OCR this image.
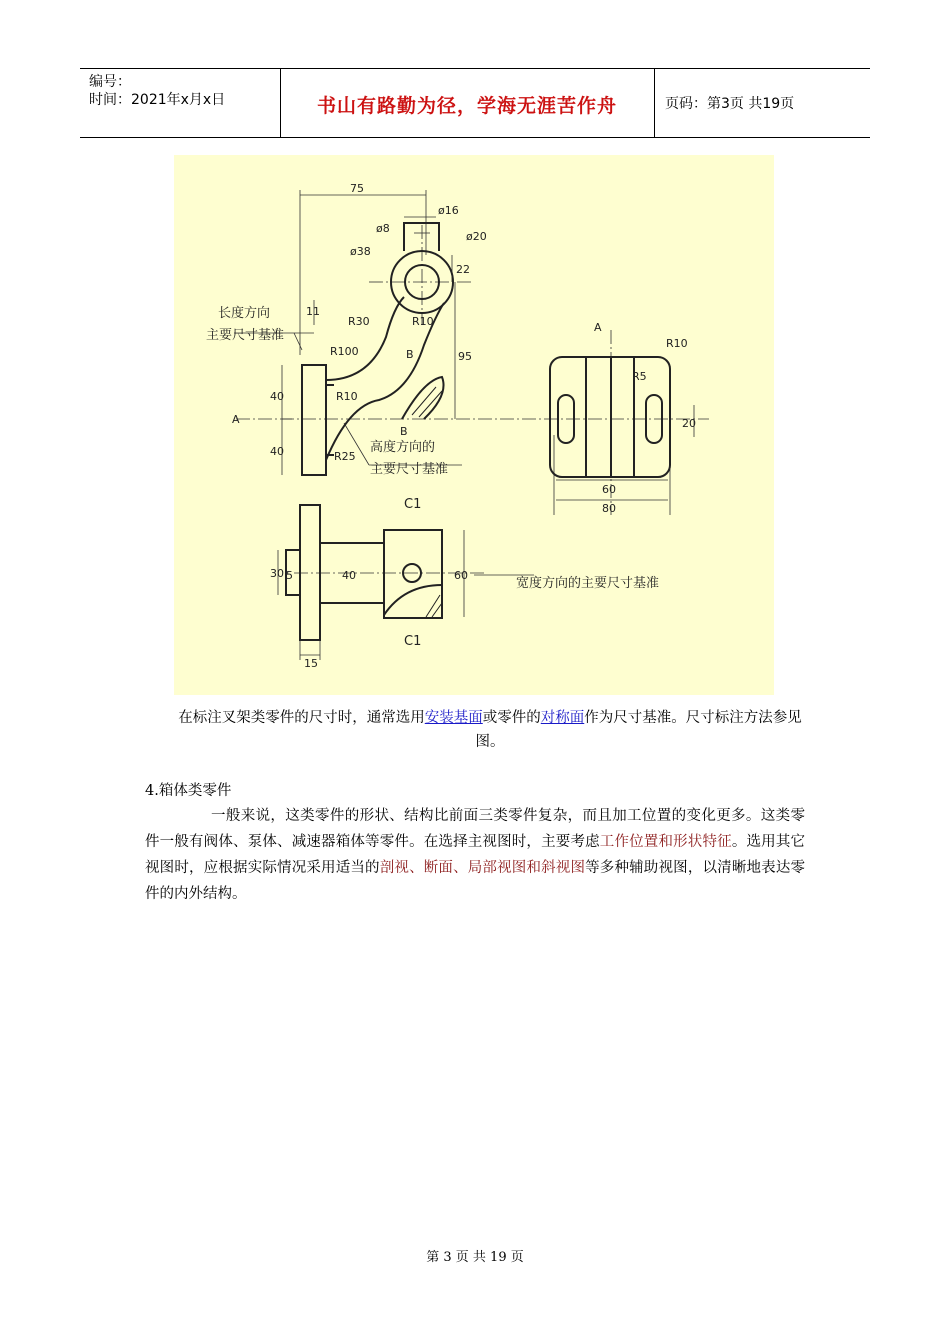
编号：
时间：2021年x月x日	书山有路勤为径，学海无涯苦作舟	页码：第3页 共19页
75
ø8
ø16
ø20
ø38
22
R30	R10
11
R100	B	95
R10
R25
B
40
40
A
A
R10
R5
20
60
80
C1
C1
30 5	40	60
15
长度方向
主要尺寸基准
高度方向的
主要尺寸基准
宽度方向的主要尺寸基准
在标注叉架类零件的尺寸时，通常选用安装基面或零件的对称面作为尺寸基准。尺寸标注方法参见图。
4.箱体类零件
一般来说，这类零件的形状、结构比前面三类零件复杂，而且加工位置的变化更多。这类零件一般有阀体、泵体、减速器箱体等零件。在选择主视图时，主要考虑工作位置和形状特征。选用其它视图时，应根据实际情况采用适当的剖视、断面、局部视图和斜视图等多种辅助视图，以清晰地表达零件的内外结构。
第 3 页 共 19 页
